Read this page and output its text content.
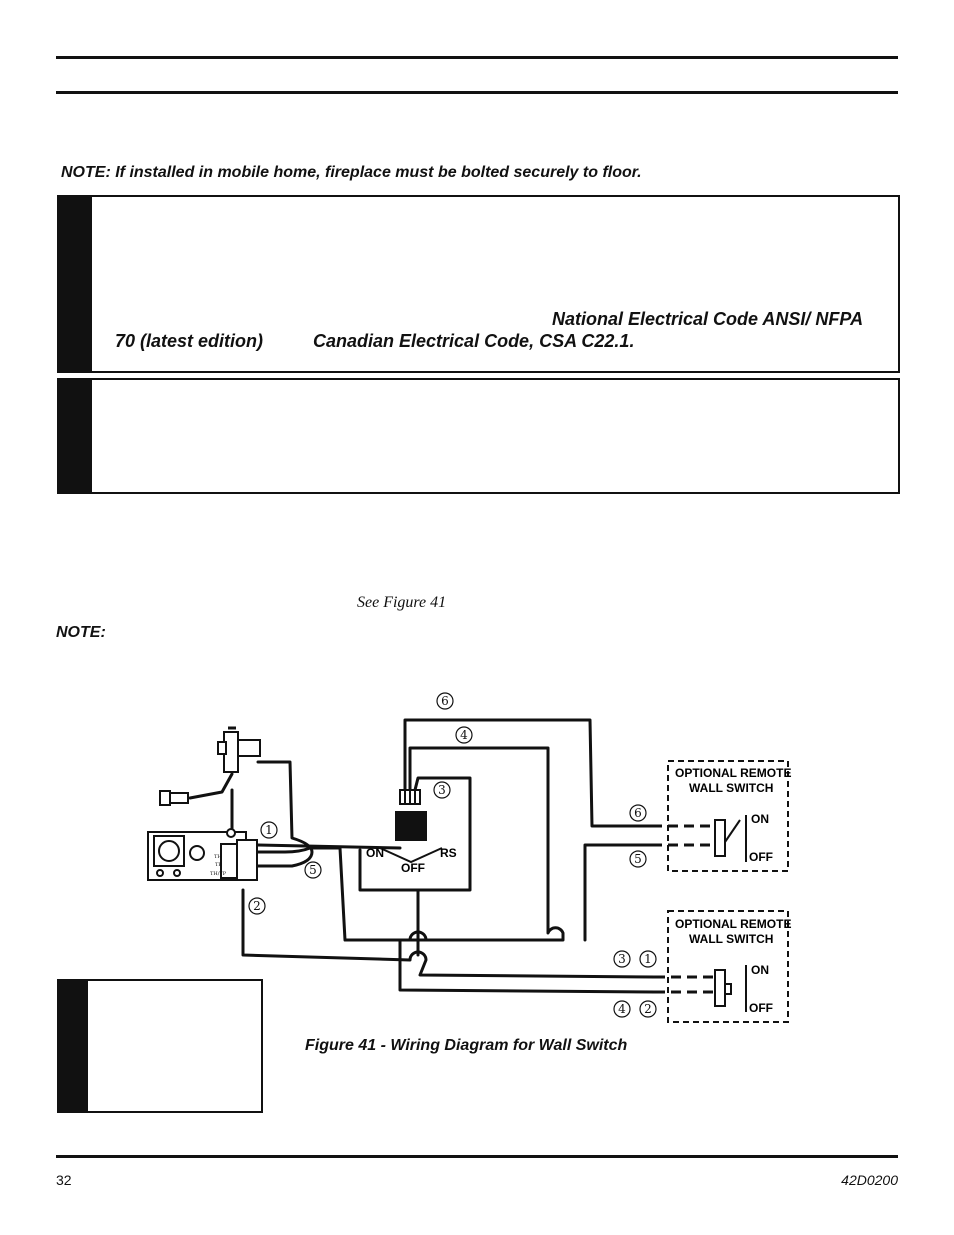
NOTE: If installed in mobile home, fireplace must be bolted securely to floor.
National Electrical Code ANSI/ NFPA
70 (latest edition)	Canadian Electrical Code, CSA C22.1.
See Figure 41
NOTE:
TH
TP
TH/TP
ON	RS
OFF
OPTIONAL REMOTE
WALL SWITCH
ON
OFF
OPTIONAL REMOTE
WALL SWITCH
ON
OFF
6
4
3
1
5
2
6
5
3 1
4 2
Figure 41 - Wiring Diagram for Wall Switch
32	42D0200
